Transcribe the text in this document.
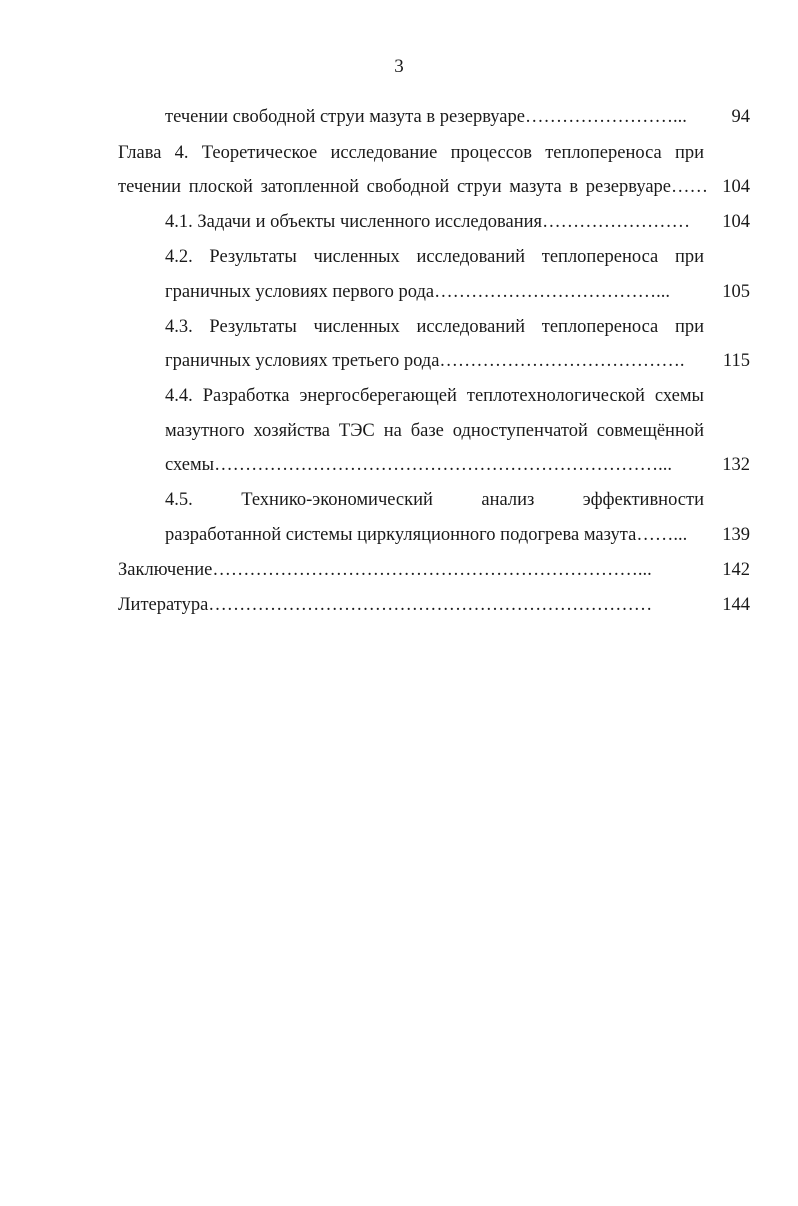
3
течении свободной струи мазута в резервуаре……………………...	94
Глава 4. Теоретическое исследование процессов теплопереноса при
течении плоской затопленной свободной струи мазута в резервуаре…… 104
4.1. Задачи и объекты численного исследования……………………	104
4.2. Результаты численных исследований теплопереноса при
граничных условиях первого рода………………………………...	105
4.3. Результаты численных исследований теплопереноса при
граничных условиях третьего рода………………………………….	115
4.4. Разработка энергосберегающей теплотехнологической схемы
мазутного хозяйства ТЭС на базе одноступенчатой совмещённой
схемы………………………………………………………………...	132
4.5. Технико-экономический анализ эффективности
разработанной системы циркуляционного подогрева мазута……...	139
Заключение……………………………………………………………...	142
Литература………………………………………………………………	144
